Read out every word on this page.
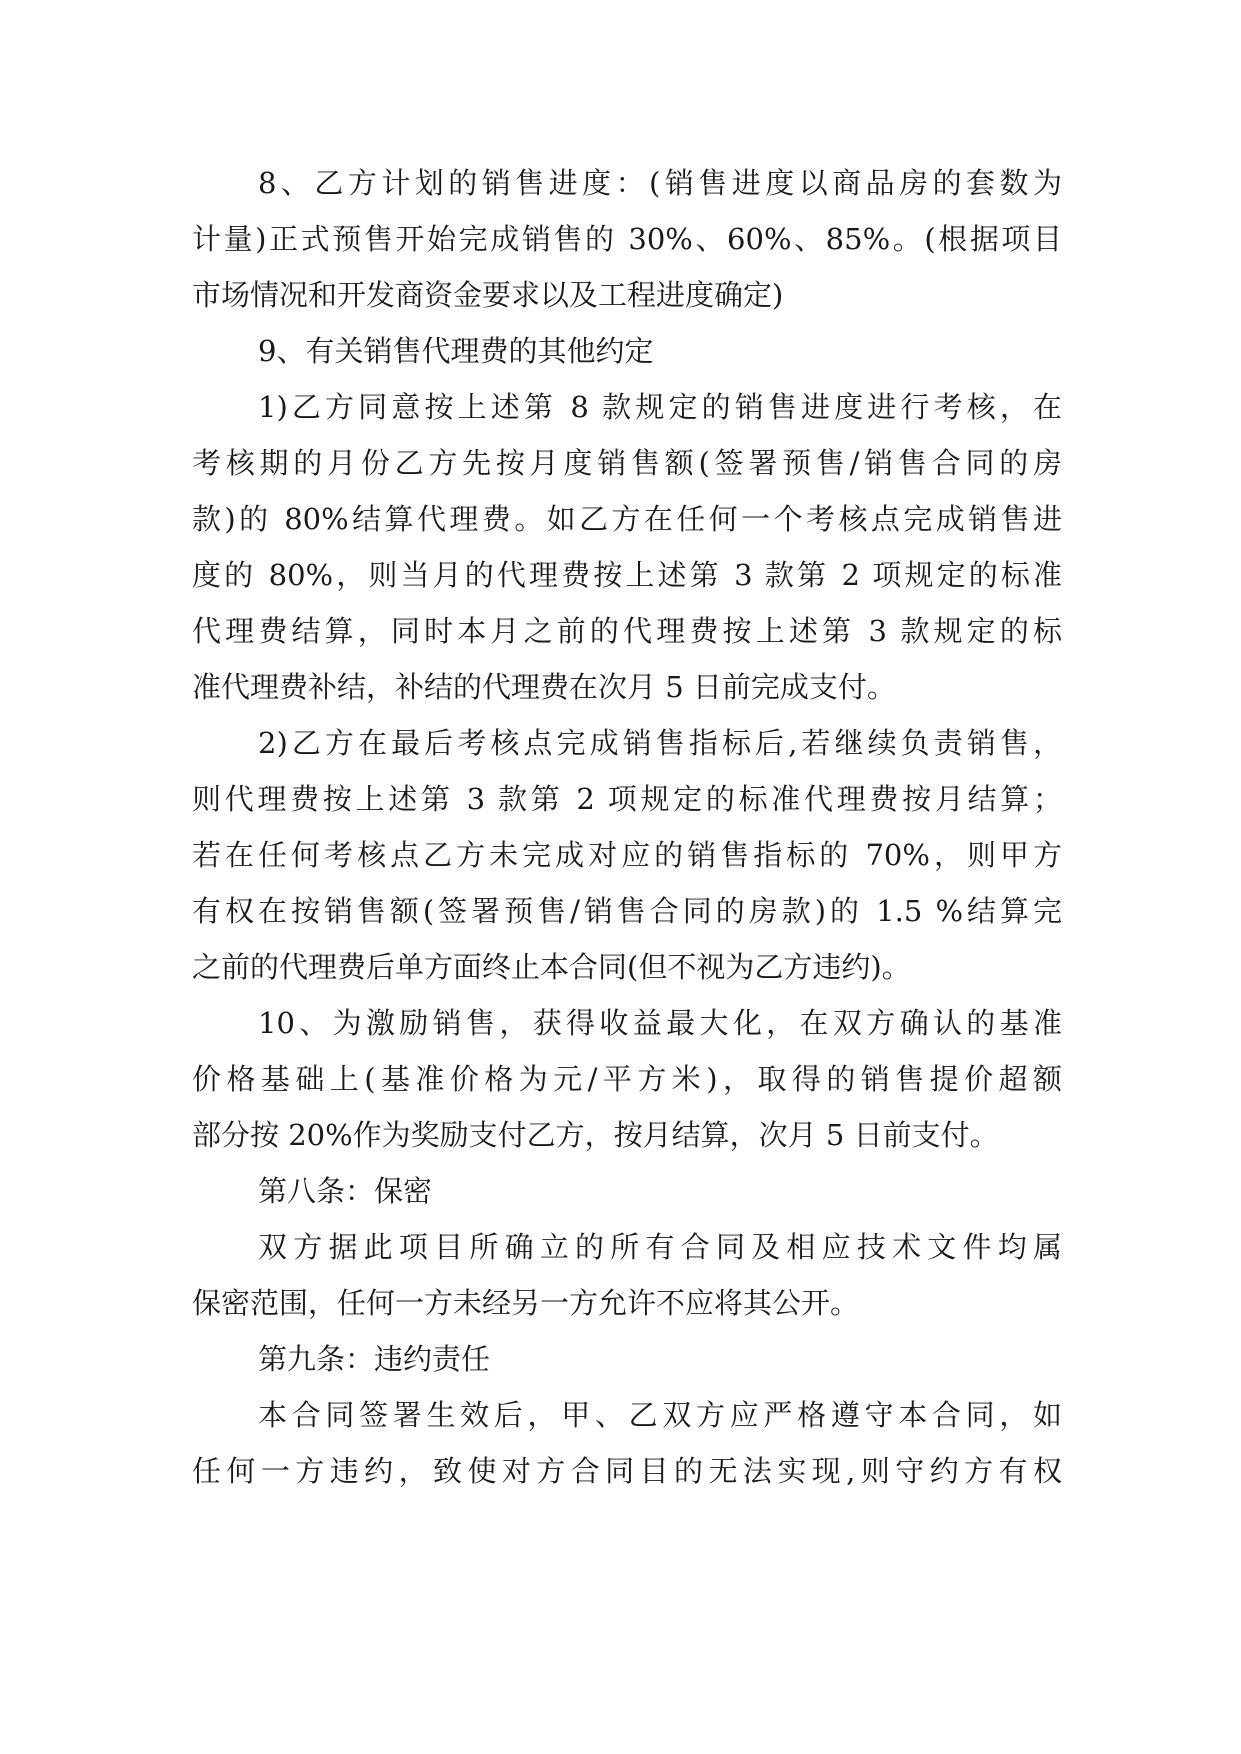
8、乙方计划的销售进度：(销售进度以商品房的套数为
计量)正式预售开始完成销售的 30%、60%、85%。(根据项目
市场情况和开发商资金要求以及工程进度确定)

9、有关销售代理费的其他约定

1)乙方同意按上述第 8 款规定的销售进度进行考核，在
考核期的月份乙方先按月度销售额(签署预售/销售合同的房
款)的 80%结算代理费。如乙方在任何一个考核点完成销售进
度的 80%，则当月的代理费按上述第 3 款第 2 项规定的标准
代理费结算，同时本月之前的代理费按上述第 3 款规定的标
准代理费补结，补结的代理费在次月 5 日前完成支付。

2)乙方在最后考核点完成销售指标后,若继续负责销售，
则代理费按上述第 3 款第 2 项规定的标准代理费按月结算；
若在任何考核点乙方未完成对应的销售指标的 70%，则甲方
有权在按销售额(签署预售/销售合同的房款)的 1.5 %结算完
之前的代理费后单方面终止本合同(但不视为乙方违约)。

10、为激励销售，获得收益最大化，在双方确认的基准
价格基础上(基准价格为元/平方米)，取得的销售提价超额
部分按 20%作为奖励支付乙方，按月结算，次月 5 日前支付。

第八条：保密

双方据此项目所确立的所有合同及相应技术文件均属
保密范围，任何一方未经另一方允许不应将其公开。

第九条：违约责任

本合同签署生效后，甲、乙双方应严格遵守本合同，如
任何一方违约，致使对方合同目的无法实现,则守约方有权
